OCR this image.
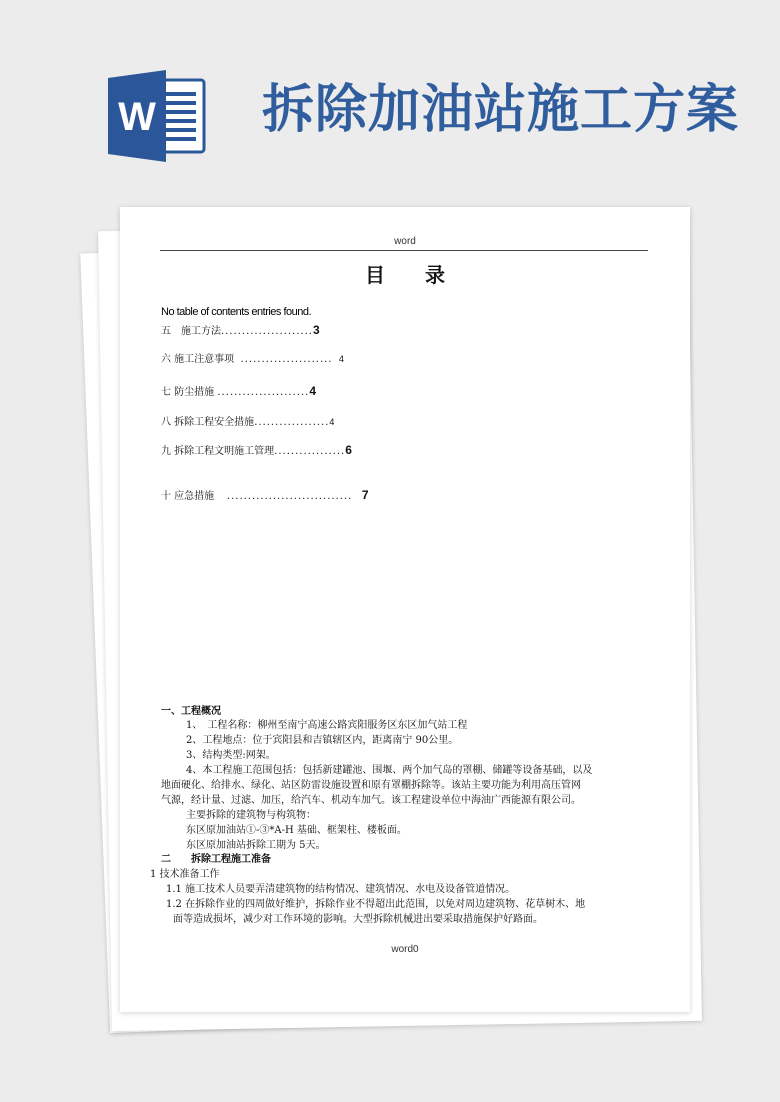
W 拆除加油站施工方案
word
目录
No table of contents entries found.
五　施工方法......................3
六 施工注意事项 ...................... 4
七 防尘措施 ......................4
八 拆除工程安全措施..................4
九 拆除工程文明施工管理.................6
十 应急措施 .............................. 7
一、工程概况
1、　工程名称：柳州至南宁高速公路宾阳服务区东区加气站工程
2、工程地点：位于宾阳县和吉镇辖区内，距离南宁 90公里。
3、结构类型:网架。
4、本工程施工范围包括：包括新建罐池、围堰、两个加气岛的罩棚、储罐等设备基础，以及
地面硬化、给排水、绿化、站区防雷设施设置和原有罩棚拆除等。该站主要功能为利用高压管网
气源，经计量、过滤、加压，给汽车、机动车加气。该工程建设单位中海油广西能源有限公司。
主要拆除的建筑物与构筑物：
东区原加油站①-③*A-H 基础、框架柱、楼板面。
东区原加油站拆除工期为 5天。
二　　拆除工程施工准备
1 技术准备工作
1.1 施工技术人员要弄清建筑物的结构情况、建筑情况、水电及设备管道情况。
1.2 在拆除作业的四周做好维护，拆除作业不得超出此范围，以免对周边建筑物、花草树木、地
面等造成损坏，减少对工作环境的影响。大型拆除机械进出要采取措施保护好路面。
word0
